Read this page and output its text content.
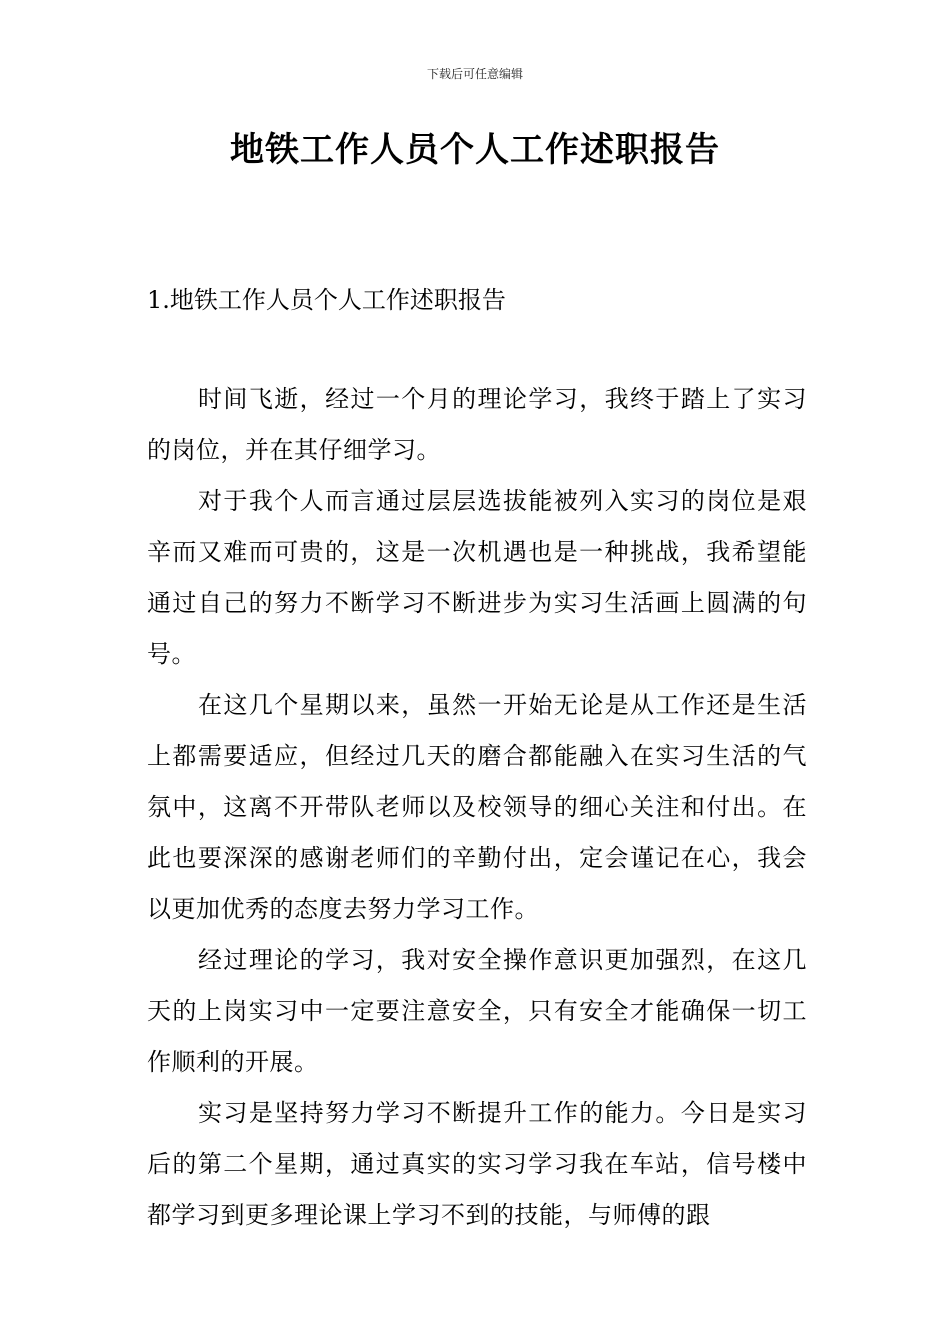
下载后可任意编辑
地铁工作人员个人工作述职报告
1.地铁工作人员个人工作述职报告

时间飞逝，经过一个月的理论学习，我终于踏上了实习的岗位，并在其仔细学习。

对于我个人而言通过层层选拔能被列入实习的岗位是艰辛而又难而可贵的，这是一次机遇也是一种挑战，我希望能通过自己的努力不断学习不断进步为实习生活画上圆满的句号。

在这几个星期以来，虽然一开始无论是从工作还是生活上都需要适应，但经过几天的磨合都能融入在实习生活的气氛中，这离不开带队老师以及校领导的细心关注和付出。在此也要深深的感谢老师们的辛勤付出，定会谨记在心，我会以更加优秀的态度去努力学习工作。

经过理论的学习，我对安全操作意识更加强烈，在这几天的上岗实习中一定要注意安全，只有安全才能确保一切工作顺利的开展。

实习是坚持努力学习不断提升工作的能力。今日是实习后的第二个星期，通过真实的实习学习我在车站，信号楼中都学习到更多理论课上学习不到的技能，与师傅的跟
